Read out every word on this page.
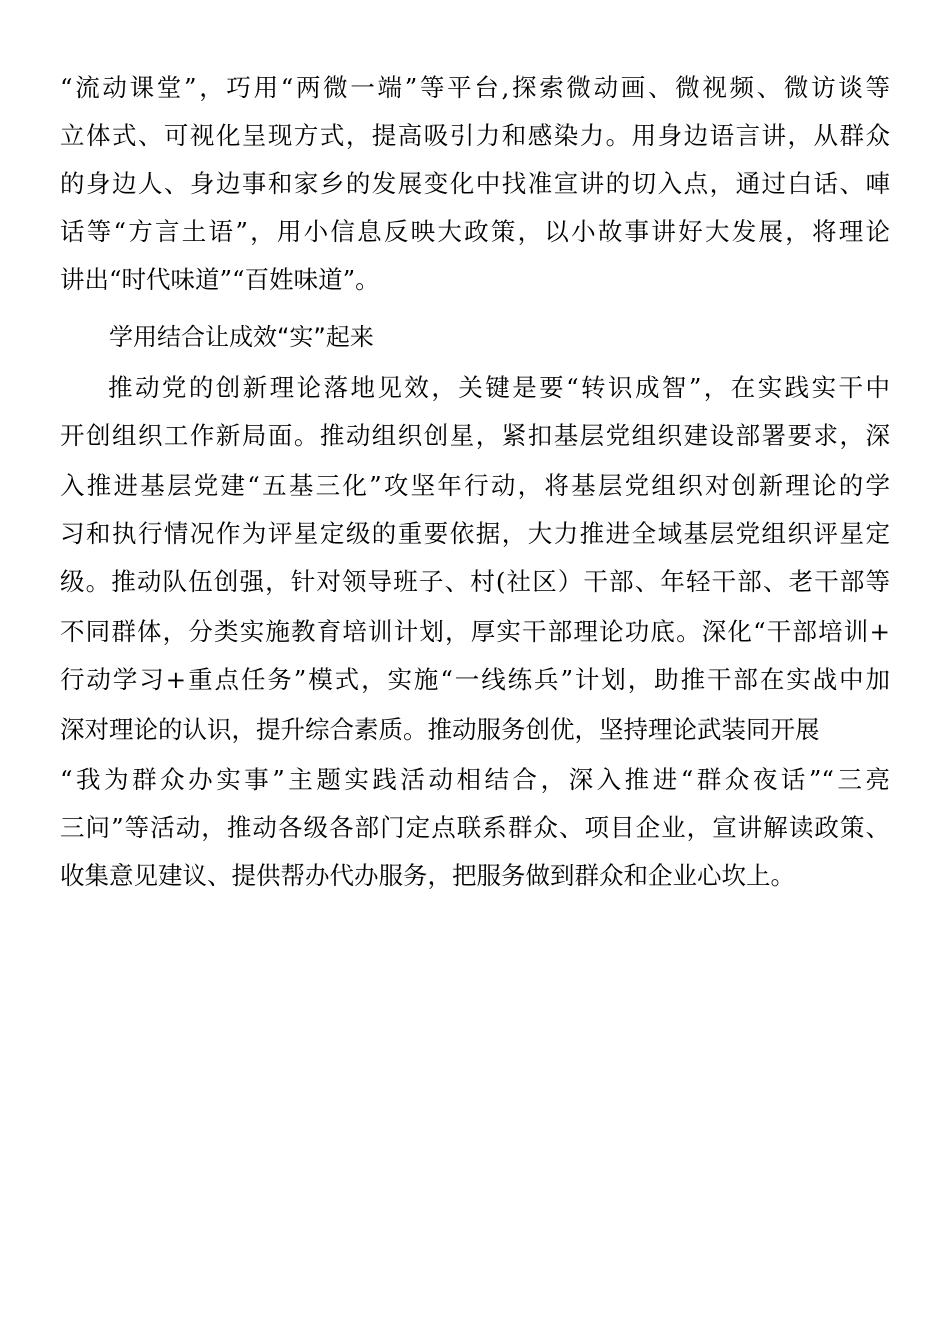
“流动课堂”，巧用“两微一端”等平台,探索微动画、微视频、微访谈等
立体式、可视化呈现方式，提高吸引力和感染力。用身边语言讲，从群众
的身边人、身边事和家乡的发展变化中找准宣讲的切入点，通过白话、唓
话等“方言土语”，用小信息反映大政策，以小故事讲好大发展，将理论
讲出“时代味道”“百姓味道”。
学用结合让成效“实”起来
推动党的创新理论落地见效，关键是要“转识成智”，在实践实干中
开创组织工作新局面。推动组织创星，紧扣基层党组织建设部署要求，深
入推进基层党建“五基三化”攻坚年行动，将基层党组织对创新理论的学
习和执行情况作为评星定级的重要依据，大力推进全域基层党组织评星定
级。推动队伍创强，针对领导班子、村(社区）干部、年轻干部、老干部等
不同群体，分类实施教育培训计划，厚实干部理论功底。深化“干部培训+
行动学习+重点任务”模式，实施“一线练兵”计划，助推干部在实战中加
深对理论的认识，提升综合素质。推动服务创优，坚持理论武装同开展
“我为群众办实事”主题实践活动相结合，深入推进“群众夜话”“三亮
三问”等活动，推动各级各部门定点联系群众、项目企业，宣讲解读政策、
收集意见建议、提供帮办代办服务，把服务做到群众和企业心坎上。
